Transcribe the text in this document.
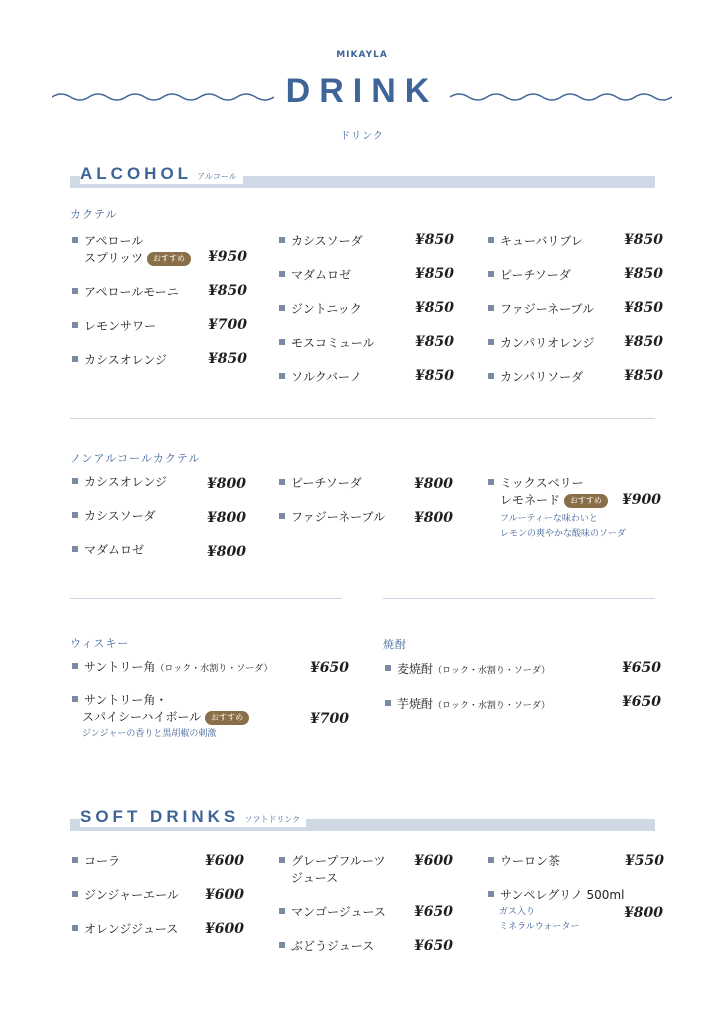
MIKAYLA
DRINK
ドリンク
ALCOHOL アルコール
カクテル
アペロール
スプリッツ おすすめ	¥950
アペロールモーニ ¥850
レモンサワー	¥700
カシスオレンジ	¥850
カシスソーダ	¥850
マダムロゼ	¥850
ジントニック	¥850
モスコミュール	¥850
ソルクバーノ	¥850
キューバリブレ	¥850
ピーチソーダ	¥850
ファジーネーブル ¥850
カンパリオレンジ ¥850
カンパリソーダ	¥850
ノンアルコールカクテル
カシスオレンジ	¥800
カシスソーダ	¥800
マダムロゼ	¥800
ピーチソーダ	¥800
ファジーネーブル ¥800
ミックスベリー
レモネード おすすめ	¥900
フルーティーな味わいと
レモンの爽やかな酸味のソーダ
ウィスキー
サントリー角（ロック・水割り・ソーダ）	¥650
サントリー角・
スパイシーハイボール おすすめ	¥700
ジンジャーの香りと黒胡椒の刺激
焼酎
麦焼酎（ロック・水割り・ソーダ）	¥650
芋焼酎（ロック・水割り・ソーダ）	¥650
SOFT DRINKS ソフトドリンク
コーラ	¥600
ジンジャーエール ¥600
オレンジジュース ¥600
グレープフルーツ
ジュース
¥600
マンゴージュース ¥650
ぶどうジュース	¥650
ウーロン茶	¥550
サンペレグリノ 500ml
¥800
ガス入り
ミネラルウォーター
